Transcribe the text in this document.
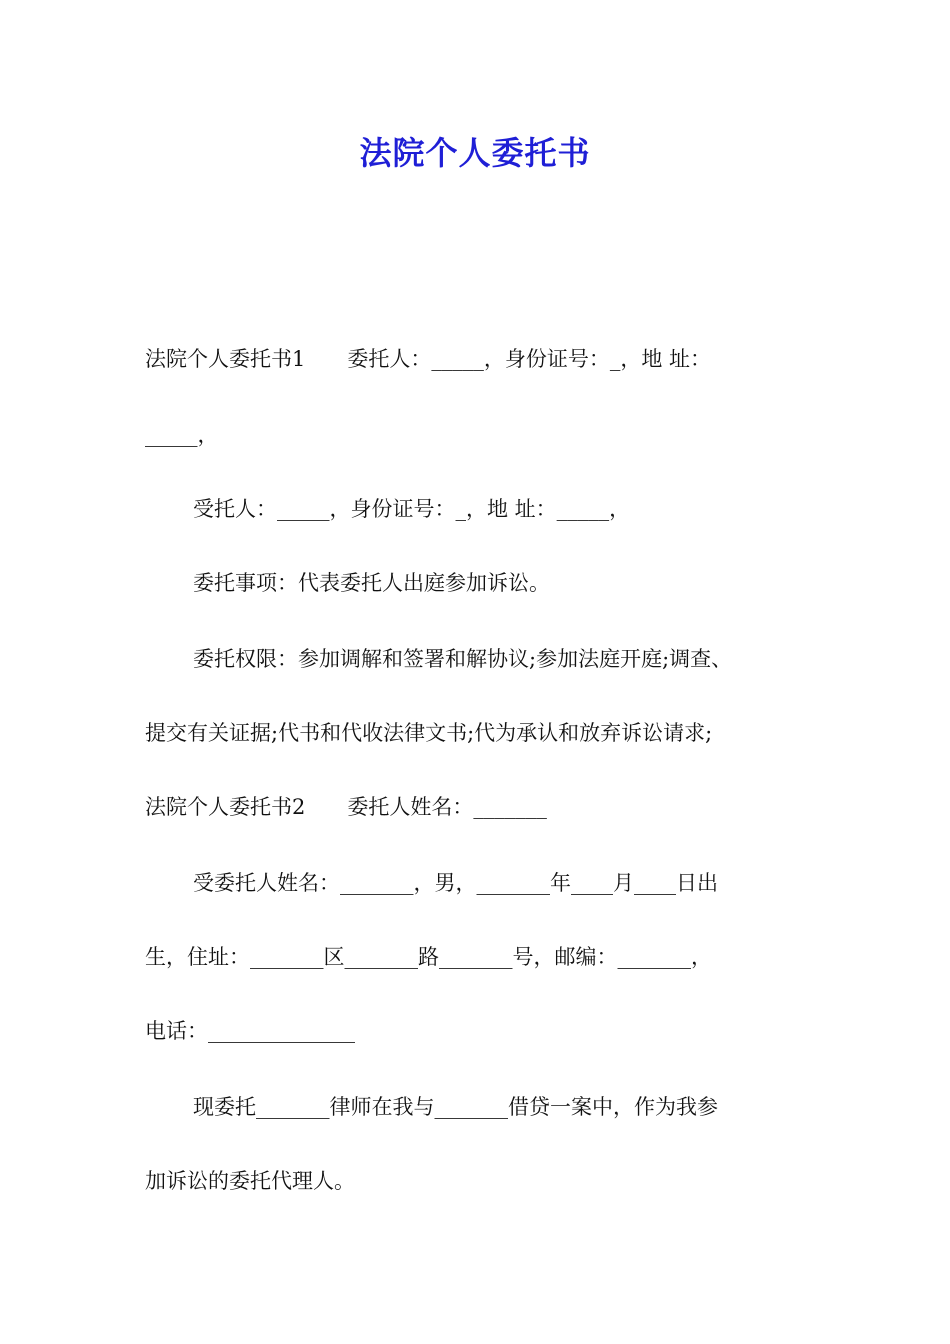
法院个人委托书
法院个人委托书1　　委托人：_____，身份证号：_，地 址：
_____，
受托人：_____，身份证号：_，地 址：_____，
委托事项：代表委托人出庭参加诉讼。
委托权限：参加调解和签署和解协议;参加法庭开庭;调查、
提交有关证据;代书和代收法律文书;代为承认和放弃诉讼请求;
法院个人委托书2　　委托人姓名：_______
受委托人姓名：_______，男，_______年____月____日出
生，住址：_______区_______路_______号，邮编：_______，
电话：______________
现委托_______律师在我与_______借贷一案中，作为我参
加诉讼的委托代理人。
